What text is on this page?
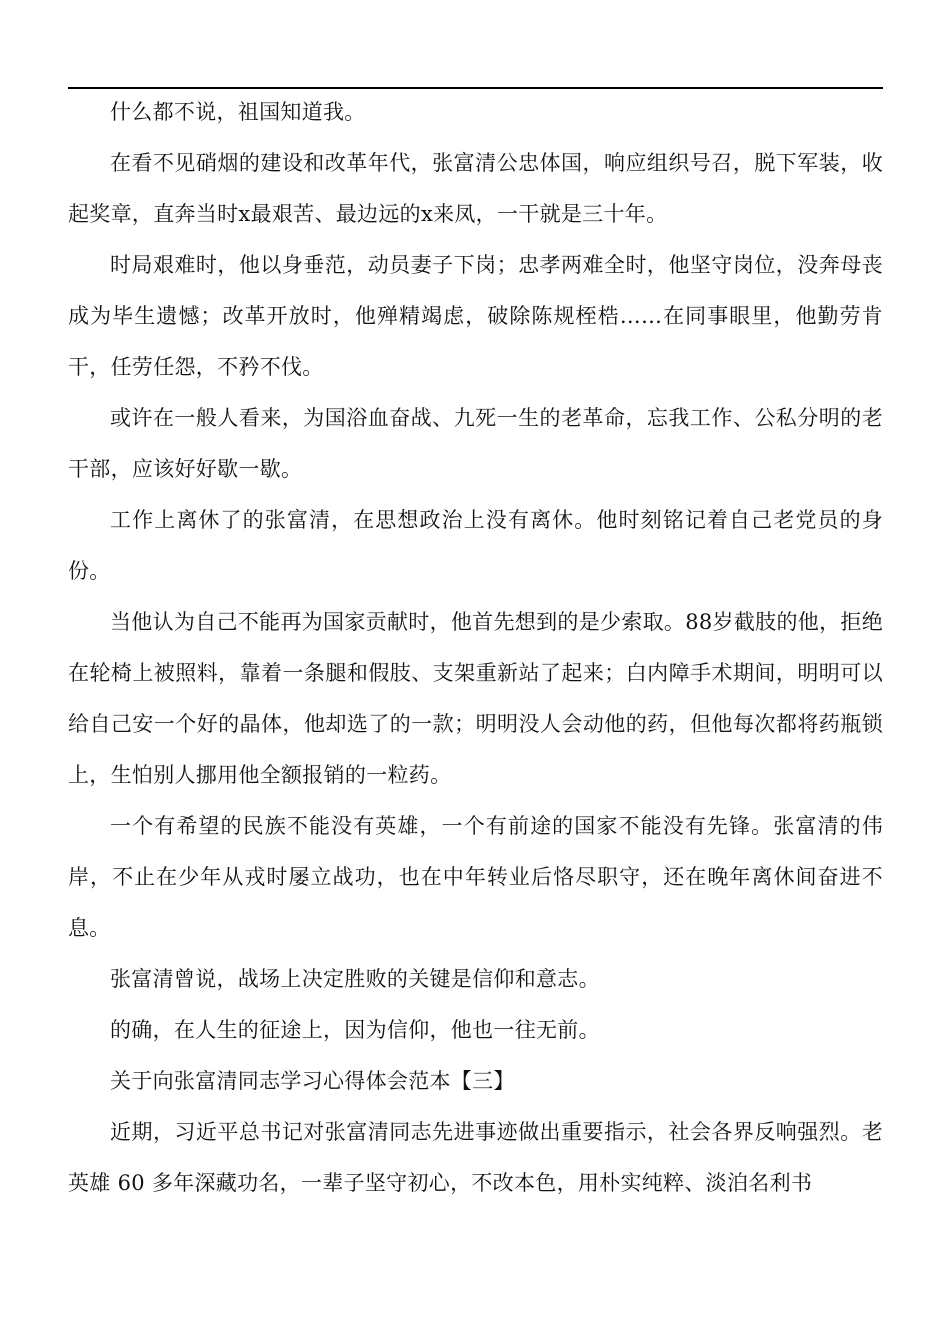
什么都不说，祖国知道我。

在看不见硝烟的建设和改革年代，张富清公忠体国，响应组织号召，脱下军装，收起奖章，直奔当时x最艰苦、最边远的x来凤，一干就是三十年。

时局艰难时，他以身垂范，动员妻子下岗；忠孝两难全时，他坚守岗位，没奔母丧成为毕生遗憾；改革开放时，他殚精竭虑，破除陈规桎梏……在同事眼里，他勤劳肯干，任劳任怨，不矜不伐。

或许在一般人看来，为国浴血奋战、九死一生的老革命，忘我工作、公私分明的老干部，应该好好歇一歇。

工作上离休了的张富清，在思想政治上没有离休。他时刻铭记着自己老党员的身份。

当他认为自己不能再为国家贡献时，他首先想到的是少索取。88岁截肢的他，拒绝在轮椅上被照料，靠着一条腿和假肢、支架重新站了起来；白内障手术期间，明明可以给自己安一个好的晶体，他却选了的一款；明明没人会动他的药，但他每次都将药瓶锁上，生怕别人挪用他全额报销的一粒药。

一个有希望的民族不能没有英雄，一个有前途的国家不能没有先锋。张富清的伟岸，不止在少年从戎时屡立战功，也在中年转业后恪尽职守，还在晚年离休间奋进不息。

张富清曾说，战场上决定胜败的关键是信仰和意志。

的确，在人生的征途上，因为信仰，他也一往无前。

关于向张富清同志学习心得体会范本【三】

近期，习近平总书记对张富清同志先进事迹做出重要指示，社会各界反响强烈。老英雄 60 多年深藏功名，一辈子坚守初心，不改本色，用朴实纯粹、淡泊名利书
